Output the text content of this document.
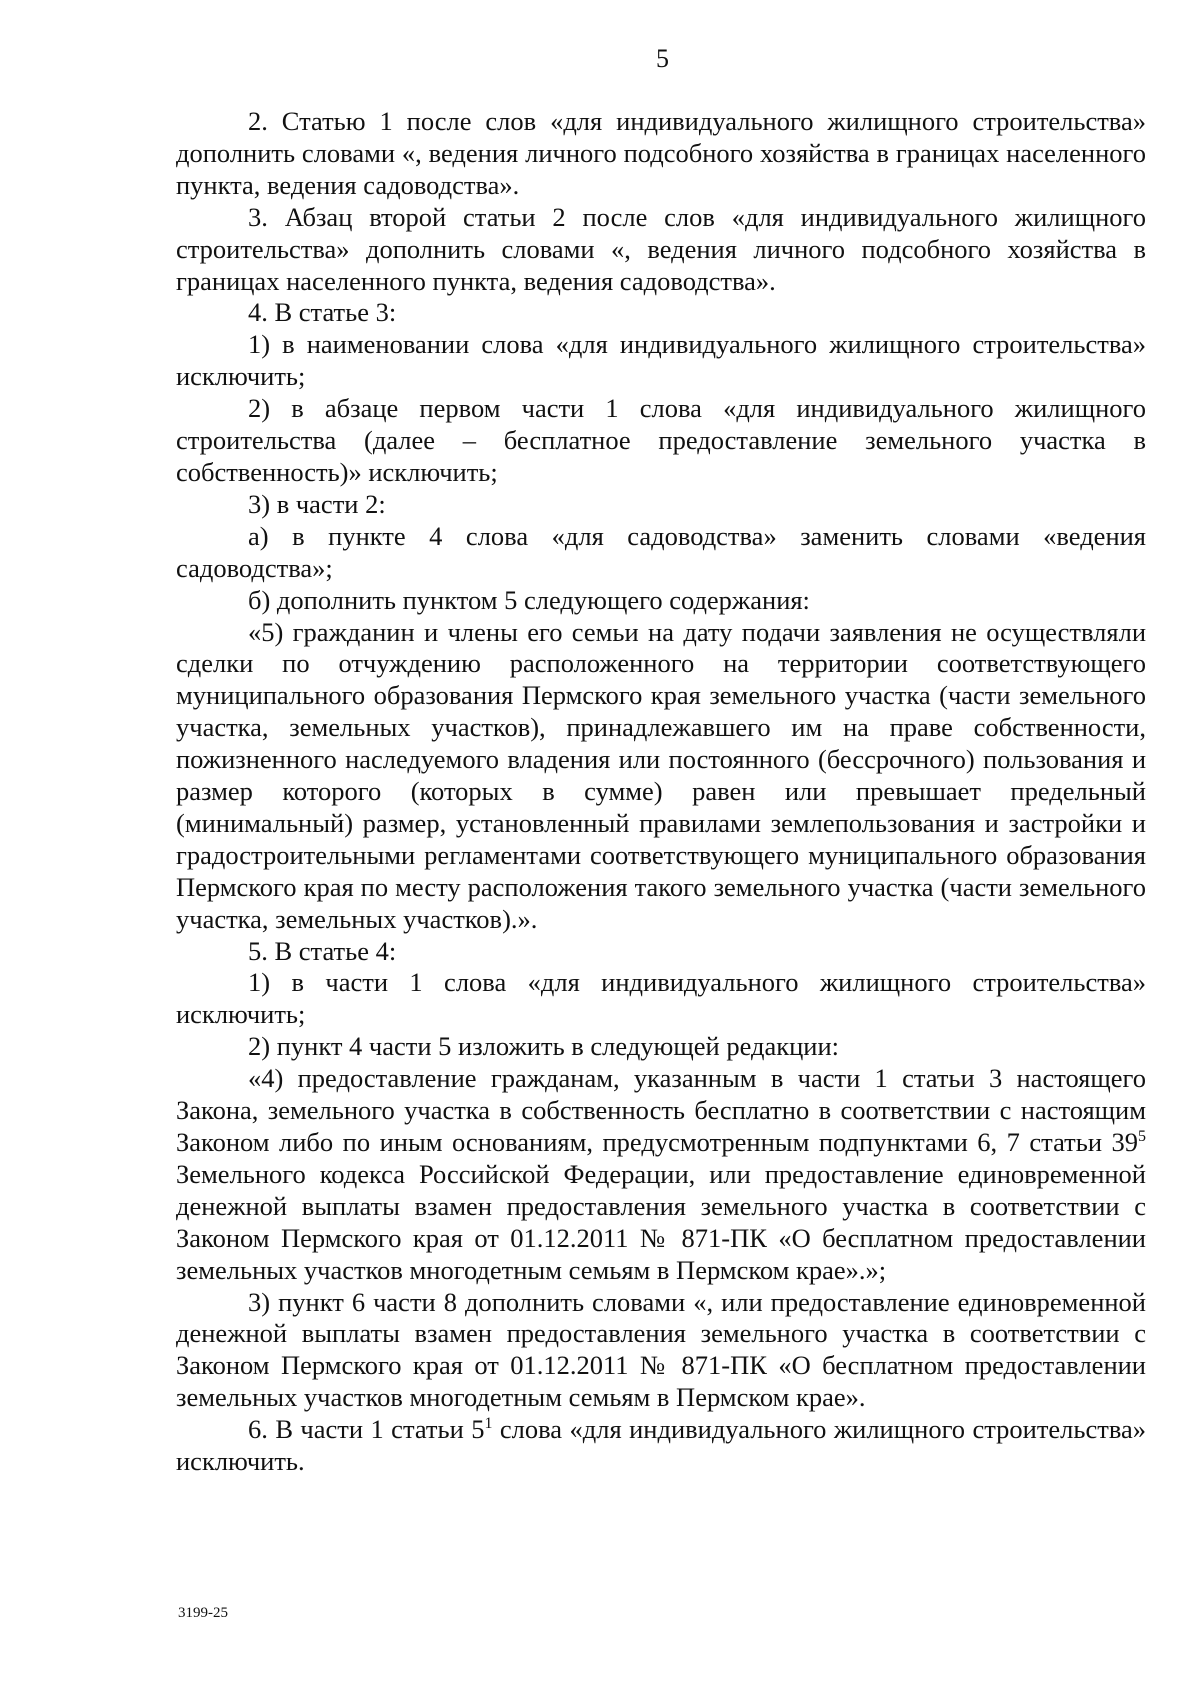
5

2. Статью 1 после слов «для индивидуального жилищного строительства» дополнить словами «, ведения личного подсобного хозяйства в границах населенного пункта, ведения садоводства».

3. Абзац второй статьи 2 после слов «для индивидуального жилищного строительства» дополнить словами «, ведения личного подсобного хозяйства в границах населенного пункта, ведения садоводства».

4. В статье 3:

1) в наименовании слова «для индивидуального жилищного строительства» исключить;

2) в абзаце первом части 1 слова «для индивидуального жилищного строительства (далее – бесплатное предоставление земельного участка в собственность)» исключить;

3) в части 2:

а) в пункте 4 слова «для садоводства» заменить словами «ведения садоводства»;

б) дополнить пунктом 5 следующего содержания:

«5) гражданин и члены его семьи на дату подачи заявления не осуществляли сделки по отчуждению расположенного на территории соответствующего муниципального образования Пермского края земельного участка (части земельного участка, земельных участков), принадлежавшего им на праве собственности, пожизненного наследуемого владения или постоянного (бессрочного) пользования и размер которого (которых в сумме) равен или превышает предельный (минимальный) размер, установленный правилами землепользования и застройки и градостроительными регламентами соответствующего муниципального образования Пермского края по месту расположения такого земельного участка (части земельного участка, земельных участков).».

5. В статье 4:

1) в части 1 слова «для индивидуального жилищного строительства» исключить;

2) пункт 4 части 5 изложить в следующей редакции:

«4) предоставление гражданам, указанным в части 1 статьи 3 настоящего Закона, земельного участка в собственность бесплатно в соответствии с настоящим Законом либо по иным основаниям, предусмотренным подпунктами 6, 7 статьи $39^5$ Земельного кодекса Российской Федерации, или предоставление единовременной денежной выплаты взамен предоставления земельного участка в соответствии с Законом Пермского края от 01.12.2011 № 871-ПК «О бесплатном предоставлении земельных участков многодетным семьям в Пермском крае».»;

3) пункт 6 части 8 дополнить словами «, или предоставление единовременной денежной выплаты взамен предоставления земельного участка в соответствии с Законом Пермского края от 01.12.2011 № 871-ПК «О бесплатном предоставлении земельных участков многодетным семьям в Пермском крае».

6. В части 1 статьи $5^1$ слова «для индивидуального жилищного строительства» исключить.

3199-25
